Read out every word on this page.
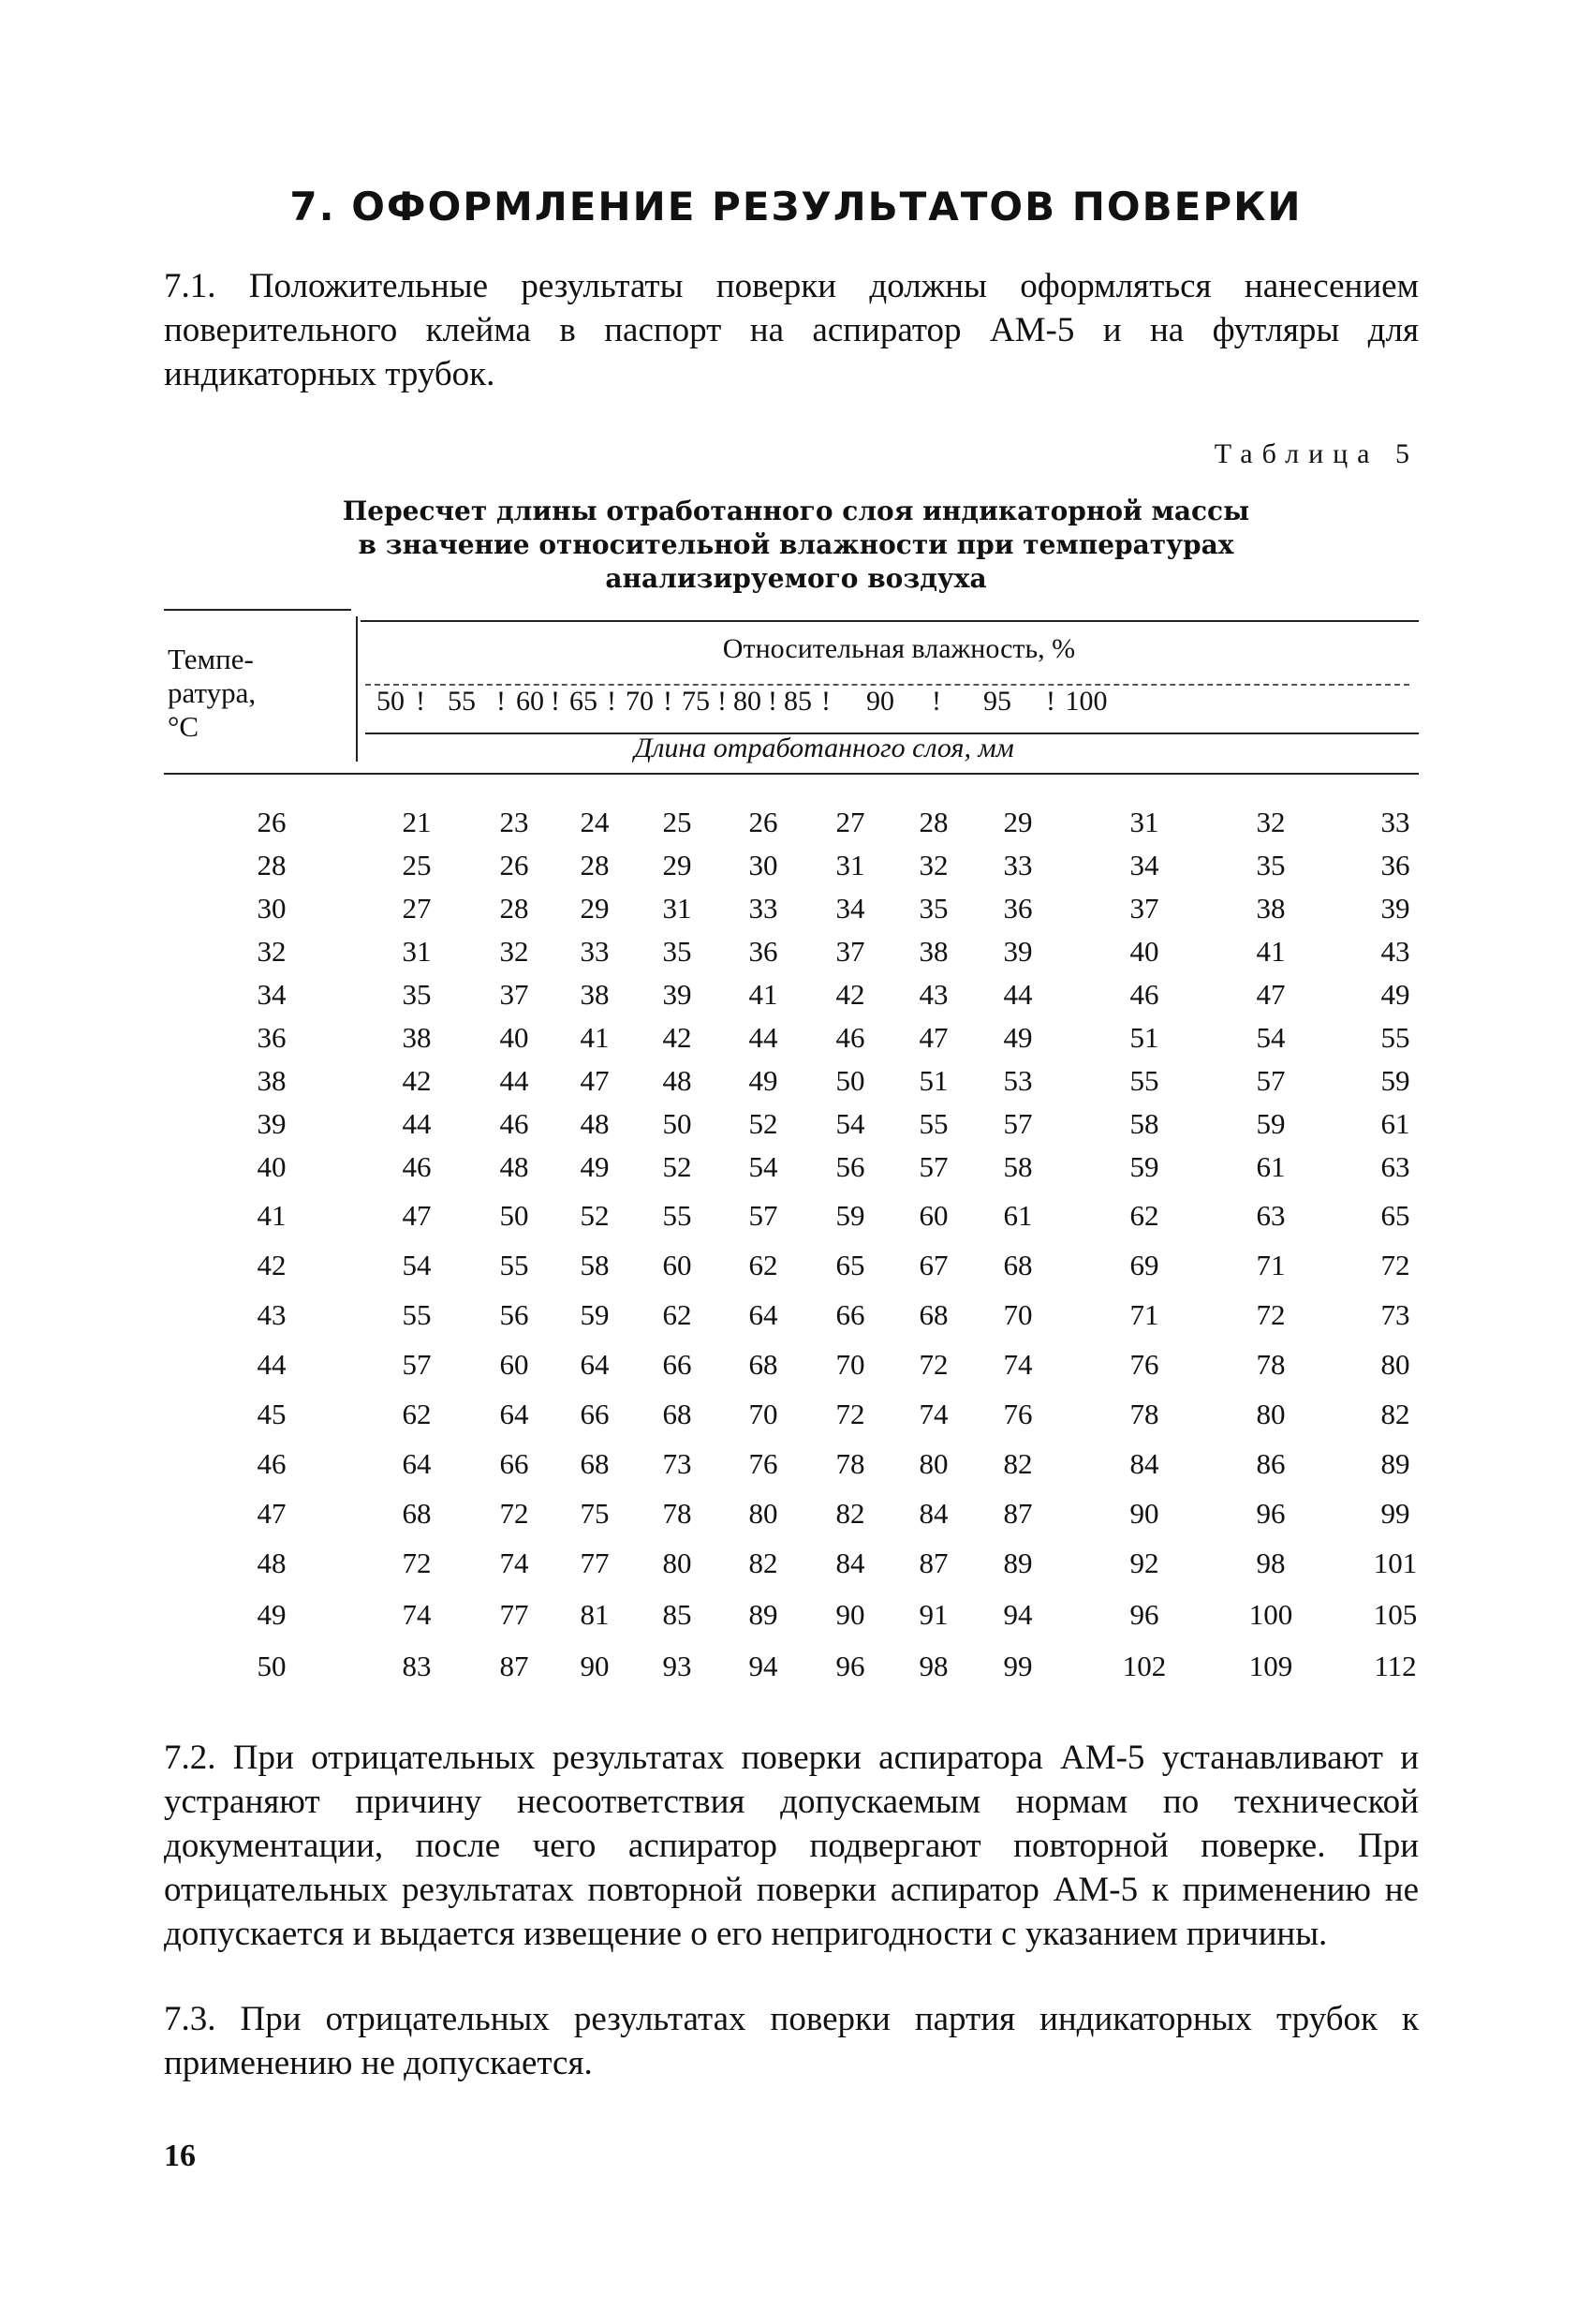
7. ОФОРМЛЕНИЕ РЕЗУЛЬТАТОВ ПОВЕРКИ
7.1. Положительные результаты поверки должны оформляться нанесением поверительного клейма в паспорт на аспиратор АМ-5 и на футляры для индикаторных трубок.
Таблица 5
Пересчет длины отработанного слоя индикаторной массы
в значение относительной влажности при температурах
анализируемого воздуха
Темпе-
ратура,
°С
Относительная влажность, %
50 ! 55 ! 60 ! 65 ! 70 ! 75 ! 80 ! 85 ! 90 ! 95 ! 100
Длина отработанного слоя, мм
26	21 23 24 25 26 27 28 29	31	32	33
28	25 26 28 29 30 31 32 33	34	35	36
30	27 28 29 31 33 34 35 36	37	38	39
32	31 32 33 35 36 37 38 39	40	41	43
34	35 37 38 39 41 42 43 44	46	47	49
36	38 40 41 42 44 46 47 49	51	54	55
38	42 44 47 48 49 50 51 53	55	57	59
39	44 46 48 50 52 54 55 57	58	59	61
40	46 48 49 52 54 56 57 58	59	61	63
41	47 50 52 55 57 59 60 61	62	63	65
42	54 55 58 60 62 65 67 68	69	71	72
43	55 56 59 62 64 66 68 70	71	72	73
44	57 60 64 66 68 70 72 74	76	78	80
45	62 64 66 68 70 72 74 76	78	80	82
46	64 66 68 73 76 78 80 82	84	86	89
47	68 72 75 78 80 82 84 87	90	96	99
48	72 74 77 80 82 84 87 89	92	98	101
49	74 77 81 85 89 90 91 94	96	100	105
50	83 87 90 93 94 96 98 99	102	109	112
7.2. При отрицательных результатах поверки аспиратора АМ-5 устанавливают и устраняют причину несоответствия допускаемым нормам по технической документации, после чего аспиратор подвергают повторной поверке. При отрицательных результатах повторной поверки аспиратор АМ-5 к применению не допускается и выдается извещение о его непригодности с указанием причины.
7.3. При отрицательных результатах поверки партия индикаторных трубок к применению не допускается.
16
